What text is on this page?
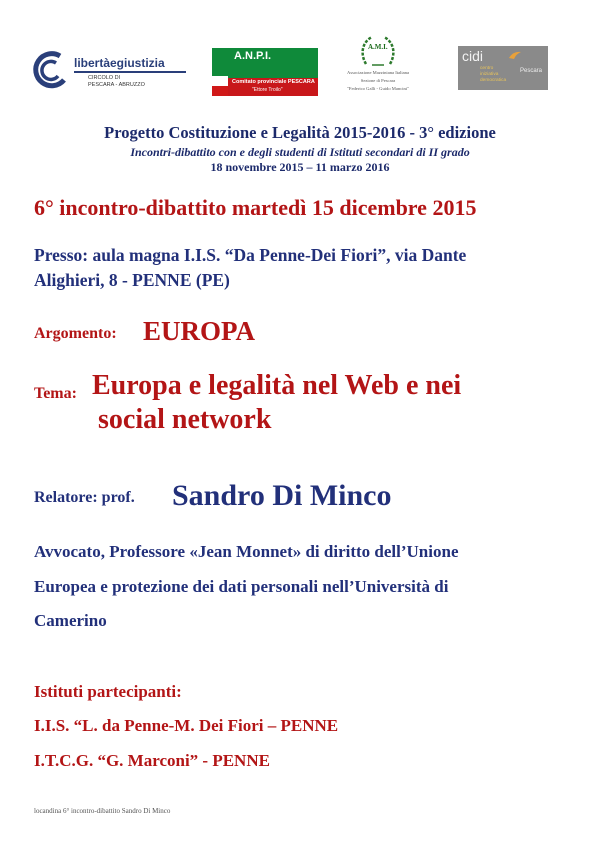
libertàegiustizia
CIRCOLO DI
PESCARA - ABRUZZO
A.N.P.I.
Comitato provinciale PESCARA
"Ettore Troilo"
A.M.I.
Associazione Mazziniana Italiana
Sezione di Pescara
"Federico Galli - Guido Mancini"
cidi
centro
iniziativa
democratica
Pescara
Progetto Costituzione e Legalità 2015-2016 - 3° edizione
Incontri-dibattito con e degli studenti di Istituti secondari di II grado
18 novembre 2015 – 11 marzo 2016
6° incontro-dibattito martedì 15 dicembre 2015
Presso: aula magna I.I.S. “Da Penne-Dei Fiori”, via Dante
Alighieri, 8 - PENNE (PE)
Argomento: EUROPA
Tema: Europa e legalità nel Web e nei
social network
Relatore: prof. Sandro Di Minco
Avvocato, Professore «Jean Monnet» di diritto dell’Unione
Europea e protezione dei dati personali nell’Università di
Camerino
Istituti partecipanti:
I.I.S. “L. da Penne-M. Dei Fiori – PENNE
I.T.C.G. “G. Marconi” - PENNE
locandina 6° incontro-dibattito Sandro Di Minco
